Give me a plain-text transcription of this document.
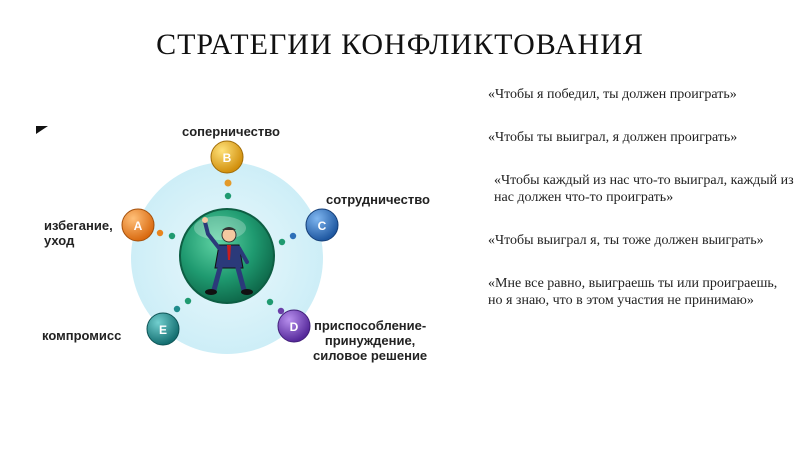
СТРАТЕГИИ КОНФЛИКТОВАНИЯ
B
C
A
E	D
соперничество
сотрудничество
избегание,
уход
компромисс
приспособление-
принуждение,
силовое решение

«Чтобы я победил, ты должен проиграть»

«Чтобы ты выиграл, я должен проиграть»

«Чтобы каждый из нас что-то выиграл, каждый из нас должен что-то проиграть»

«Чтобы выиграл я, ты тоже должен выиграть»

«Мне все равно, выиграешь ты или проиграешь, но я знаю, что в этом участия не принимаю»
